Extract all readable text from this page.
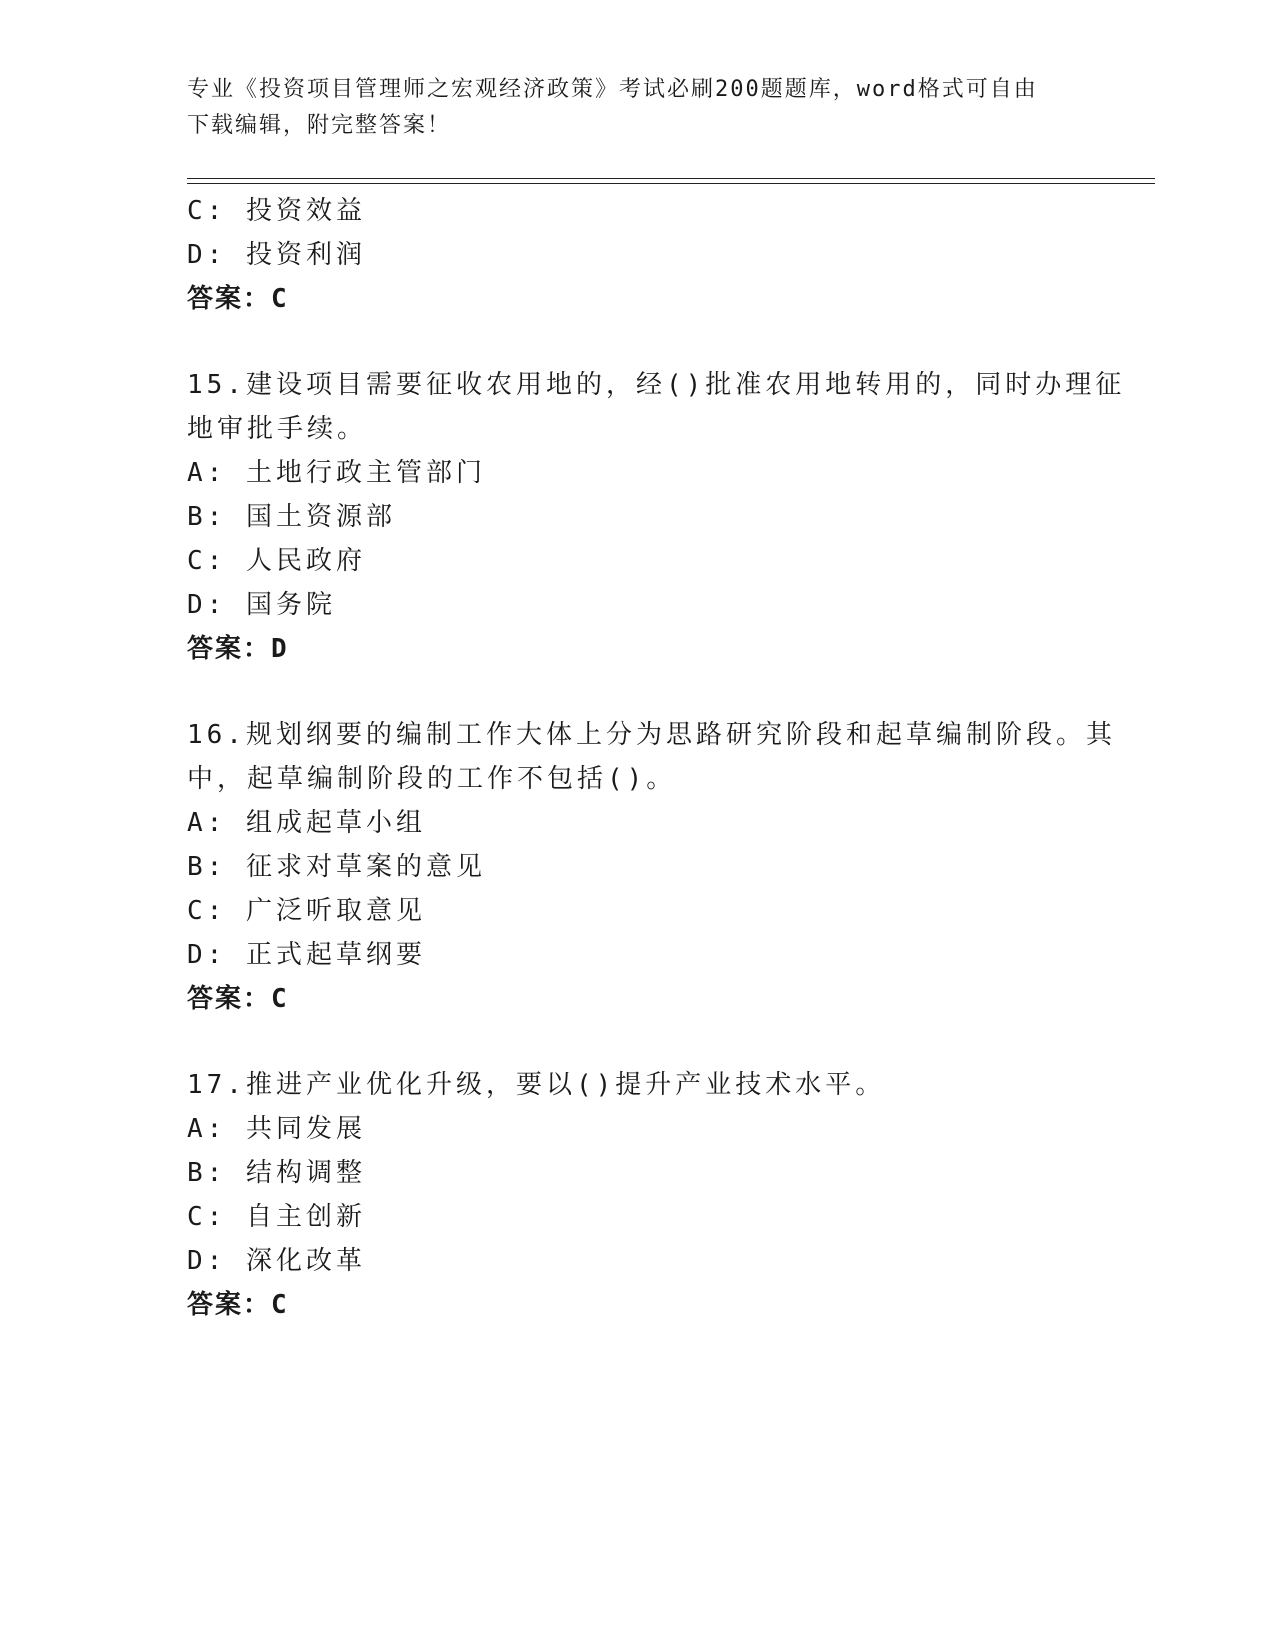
专业《投资项目管理师之宏观经济政策》考试必刷200题题库，word格式可自由
下载编辑，附完整答案！
C: 投资效益
D: 投资利润
答案：C
15.建设项目需要征收农用地的，经()批准农用地转用的，同时办理征
地审批手续。
A: 土地行政主管部门
B: 国土资源部
C: 人民政府
D: 国务院
答案：D
16.规划纲要的编制工作大体上分为思路研究阶段和起草编制阶段。其
中，起草编制阶段的工作不包括()。
A: 组成起草小组
B: 征求对草案的意见
C: 广泛听取意见
D: 正式起草纲要
答案：C
17.推进产业优化升级，要以()提升产业技术水平。
A: 共同发展
B: 结构调整
C: 自主创新
D: 深化改革
答案：C
